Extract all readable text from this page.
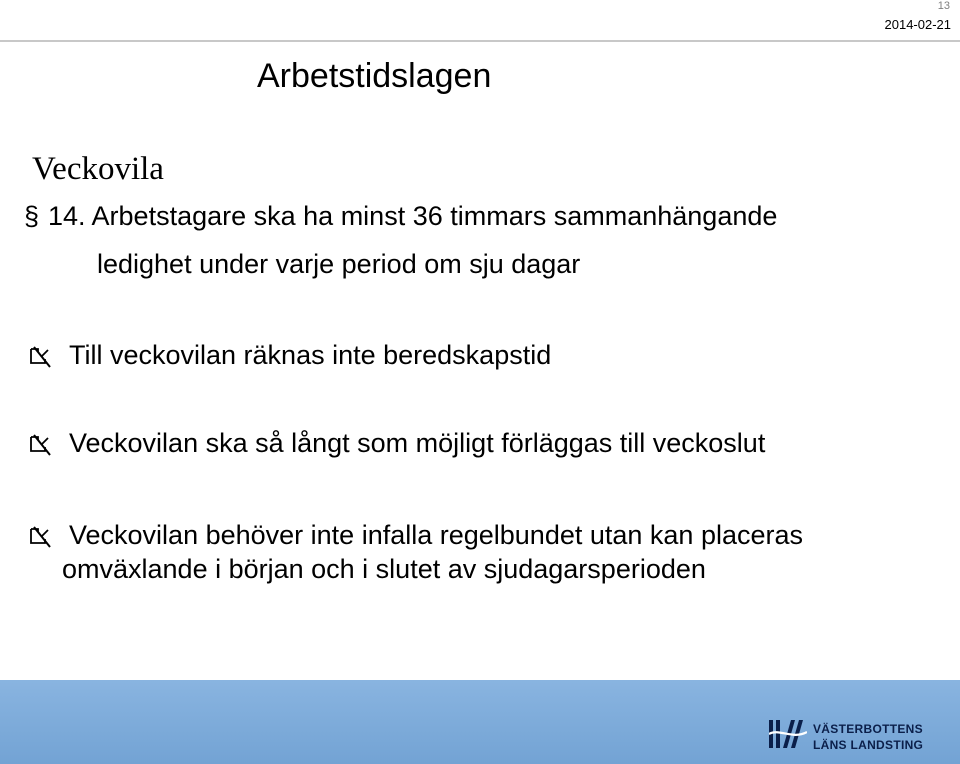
13
2014-02-21
Arbetstidslagen
Veckovila
§ 14. Arbetstagare ska ha minst 36 timmars sammanhängande
ledighet under varje period om sju dagar
Till veckovilan räknas inte beredskapstid
Veckovilan ska så långt som möjligt förläggas till veckoslut
Veckovilan behöver inte infalla regelbundet utan kan placeras
omväxlande i början och i slutet av sjudagarsperioden
VÄSTERBOTTENS
LÄNS LANDSTING
